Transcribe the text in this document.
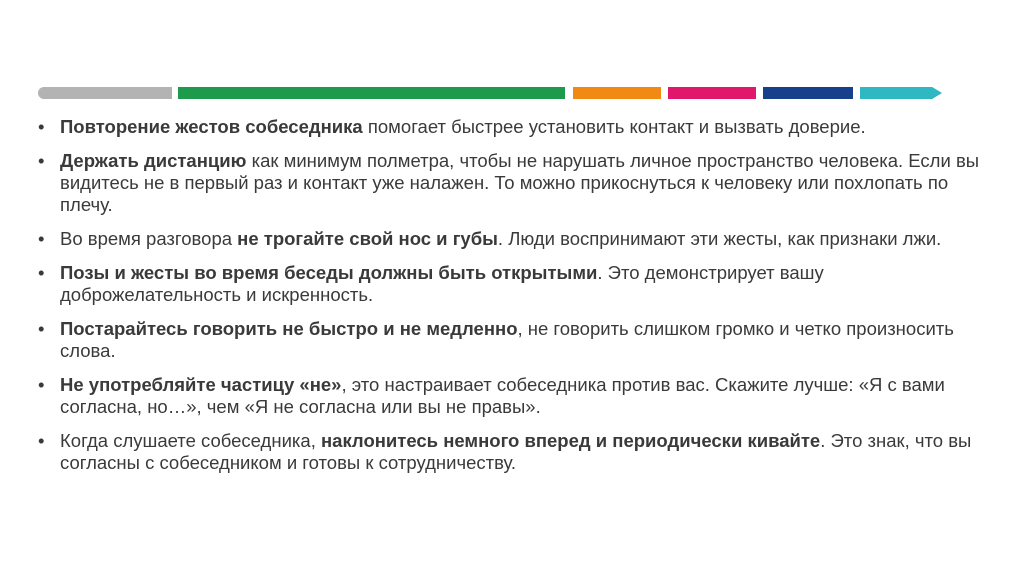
• Повторение жестов собеседника помогает быстрее установить контакт и вызвать доверие.
• Держать дистанцию как минимум полметра, чтобы не нарушать личное пространство человека. Если вы видитесь не в первый раз и контакт уже налажен. То можно прикоснуться к человеку или похлопать по плечу.
• Во время разговора не трогайте свой нос и губы. Люди воспринимают эти жесты, как признаки лжи.
• Позы и жесты во время беседы должны быть открытыми. Это демонстрирует вашу доброжелательность и искренность.
• Постарайтесь говорить не быстро и не медленно, не говорить слишком громко и четко произносить слова.
• Не употребляйте частицу «не», это настраивает собеседника против вас. Скажите лучше: «Я с вами согласна, но…», чем «Я не согласна или вы не правы».
• Когда слушаете собеседника, наклонитесь немного вперед и периодически кивайте. Это знак, что вы согласны с собеседником и готовы к сотрудничеству.
